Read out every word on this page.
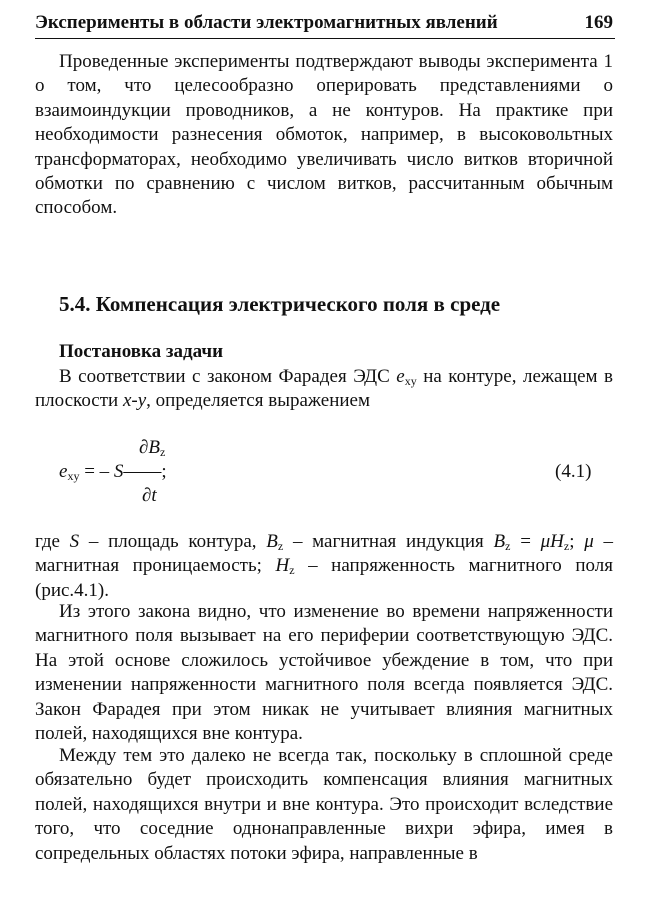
Эксперименты в области электромагнитных явлений	169

Проведенные эксперименты подтверждают выводы эксперимента 1 о том, что целесообразно оперировать представлениями о взаимоиндукции проводников, а не контуров. На практике при необходимости разнесения обмоток, например, в высоковольтных трансформаторах, необходимо увеличивать число витков вторичной обмотки по сравнению с числом витков, рассчитанным обычным способом.

5.4. Компенсация электрического поля в среде
Постановка задачи

В соответствии с законом Фарадея ЭДС $e_{xy}$ на контуре, лежащем в плоскости x-y, определяется выражением

$\partial B_z$
$e_{xy}$ = – S——;
∂t
(4.1)

где S – площадь контура, $B_z$ – магнитная индукция $B_z = \mu H_z$; μ – магнитная проницаемость; $H_z$ – напряженность магнитного поля (рис.4.1).

Из этого закона видно, что изменение во времени напряженности магнитного поля вызывает на его периферии соответствующую ЭДС. На этой основе сложилось устойчивое убеждение в том, что при изменении напряженности магнитного поля всегда появляется ЭДС. Закон Фарадея при этом никак не учитывает влияния магнитных полей, находящихся вне контура.

Между тем это далеко не всегда так, поскольку в сплошной среде обязательно будет происходить компенсация влияния магнитных полей, находящихся внутри и вне контура. Это происходит вследствие того, что соседние однонаправленные вихри эфира, имея в сопредельных областях потоки эфира, направленные в
